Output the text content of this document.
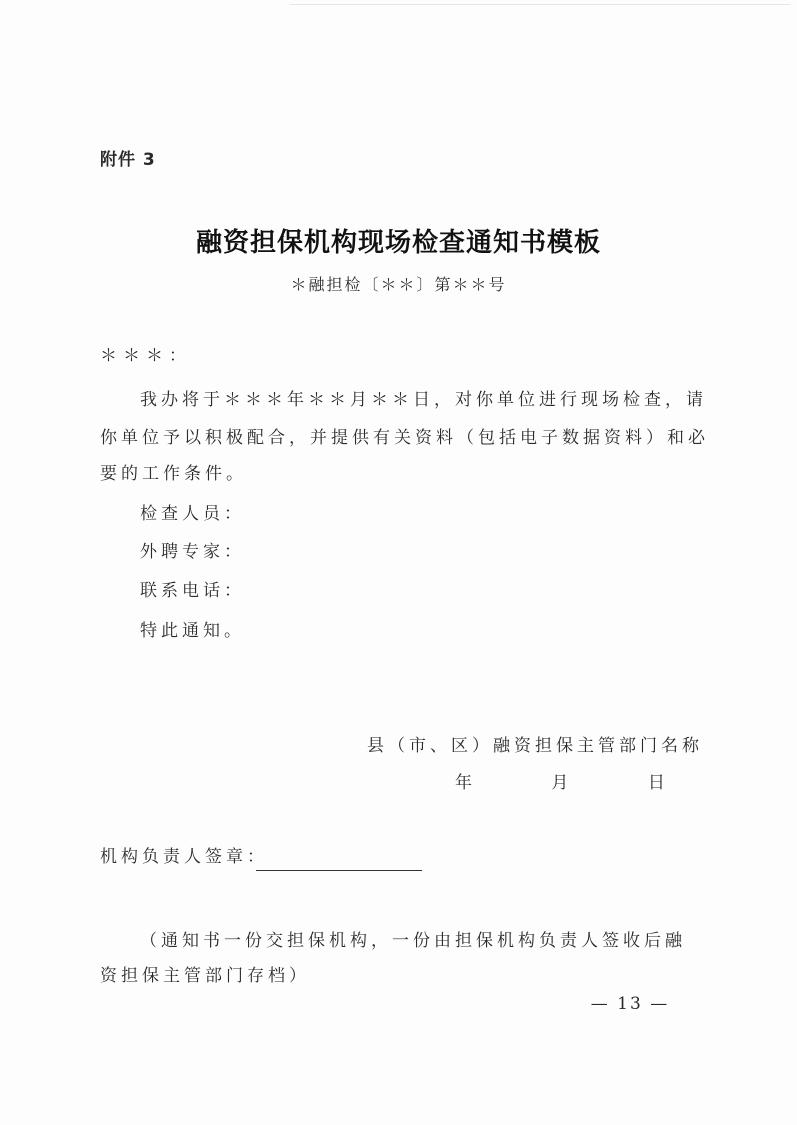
附件 3
融资担保机构现场检查通知书模板
＊融担检〔＊＊〕第＊＊号
＊＊＊：
我办将于＊＊＊年＊＊月＊＊日，对你单位进行现场检查，请
你单位予以积极配合，并提供有关资料（包括电子数据资料）和必
要的工作条件。
检查人员：
外聘专家：
联系电话：
特此通知。
县（市、区）融资担保主管部门名称
年	月	日
机构负责人签章：
（通知书一份交担保机构，一份由担保机构负责人签收后融
资担保主管部门存档）
— 13 —
